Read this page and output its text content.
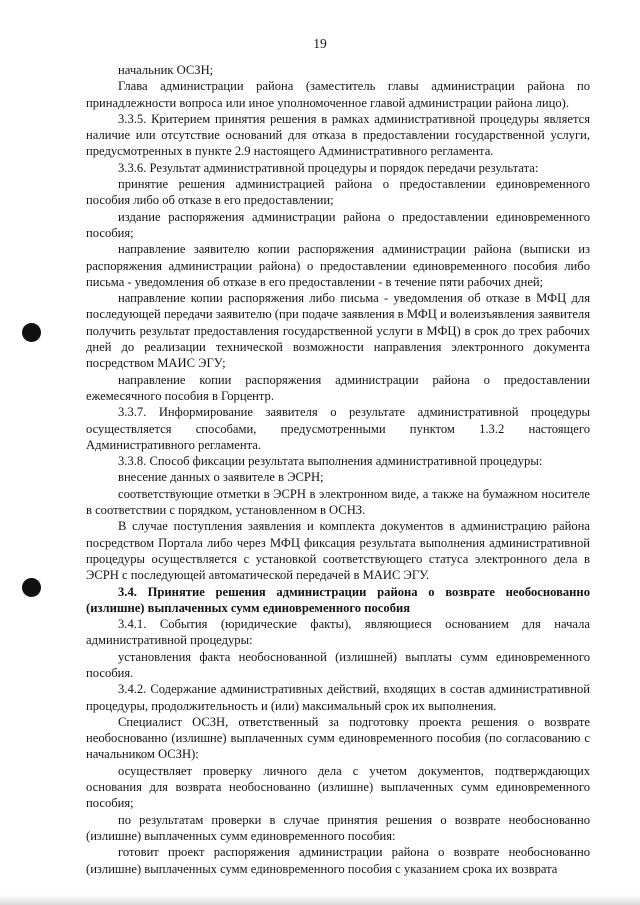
19

начальник ОСЗН;

Глава администрации района (заместитель главы администрации района по принадлежности вопроса или иное уполномоченное главой администрации района лицо).

3.3.5. Критерием принятия решения в рамках административной процедуры является наличие или отсутствие оснований для отказа в предоставлении государственной услуги, предусмотренных в пункте 2.9 настоящего Административного регламента.

3.3.6. Результат административной процедуры и порядок передачи результата:

принятие решения администрацией района о предоставлении единовременного пособия либо об отказе в его предоставлении;

издание распоряжения администрации района о предоставлении единовременного пособия;

направление заявителю копии распоряжения администрации района (выписки из распоряжения администрации района) о предоставлении единовременного пособия либо письма - уведомления об отказе в его предоставлении - в течение пяти рабочих дней;

направление копии распоряжения либо письма - уведомления об отказе в МФЦ для последующей передачи заявителю (при подаче заявления в МФЦ и волеизъявления заявителя получить результат предоставления государственной услуги в МФЦ) в срок до трех рабочих дней до реализации технической возможности направления электронного документа посредством МАИС ЭГУ;

направление копии распоряжения администрации района о предоставлении ежемесячного пособия в Горцентр.

3.3.7. Информирование заявителя о результате административной процедуры осуществляется способами, предусмотренными пунктом 1.3.2 настоящего Административного регламента.

3.3.8. Способ фиксации результата выполнения административной процедуры:

внесение данных о заявителе в ЭСРН;

соответствующие отметки в ЭСРН в электронном виде, а также на бумажном носителе в соответствии с порядком, установленном в ОСНЗ.

В случае поступления заявления и комплекта документов в администрацию района посредством Портала либо через МФЦ фиксация результата выполнения административной процедуры осуществляется с установкой соответствующего статуса электронного дела в ЭСРН с последующей автоматической передачей в МАИС ЭГУ.

3.4. Принятие решения администрации района о возврате необоснованно (излишне) выплаченных сумм единовременного пособия

3.4.1. События (юридические факты), являющиеся основанием для начала административной процедуры:

установления факта необоснованной (излишней) выплаты сумм единовременного пособия.

3.4.2. Содержание административных действий, входящих в состав административной процедуры, продолжительность и (или) максимальный срок их выполнения.

Специалист ОСЗН, ответственный за подготовку проекта решения о возврате необоснованно (излишне) выплаченных сумм единовременного пособия (по согласованию с начальником ОСЗН):

осуществляет проверку личного дела с учетом документов, подтверждающих основания для возврата необоснованно (излишне) выплаченных сумм единовременного пособия;

по результатам проверки в случае принятия решения о возврате необоснованно (излишне) выплаченных сумм единовременного пособия:

готовит проект распоряжения администрации района о возврате необоснованно (излишне) выплаченных сумм единовременного пособия с указанием срока их возврата
